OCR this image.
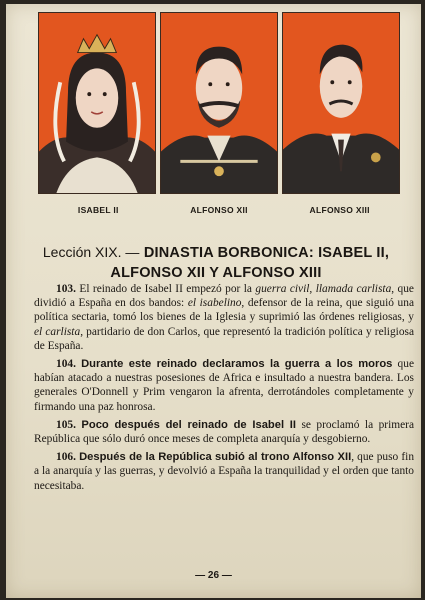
ISABEL II	ALFONSO XII	ALFONSO XIII
Lección XIX. — DINASTIA BORBONICA: ISABEL II,
ALFONSO XII Y ALFONSO XIII

103. El reinado de Isabel II empezó por la guerra civil, llamada carlista, que dividió a España en dos bandos: el isabelino, defensor de la reina, que siguió una política sectaria, tomó los bienes de la Iglesia y suprimió las órdenes religiosas, y el carlista, partidario de don Carlos, que representó la tradición política y religiosa de España.

104. Durante este reinado declaramos la guerra a los moros que habían atacado a nuestras posesiones de Africa e insultado a nuestra bandera. Los generales O'Donnell y Prim vengaron la afrenta, derrotándoles completamente y firmando una paz honrosa.

105. Poco después del reinado de Isabel II se proclamó la primera República que sólo duró once meses de completa anarquía y desgobierno.

106. Después de la República subió al trono Alfonso XII, que puso fin a la anarquía y las guerras, y devolvió a España la tranquilidad y el orden que tanto necesitaba.

— 26 —
